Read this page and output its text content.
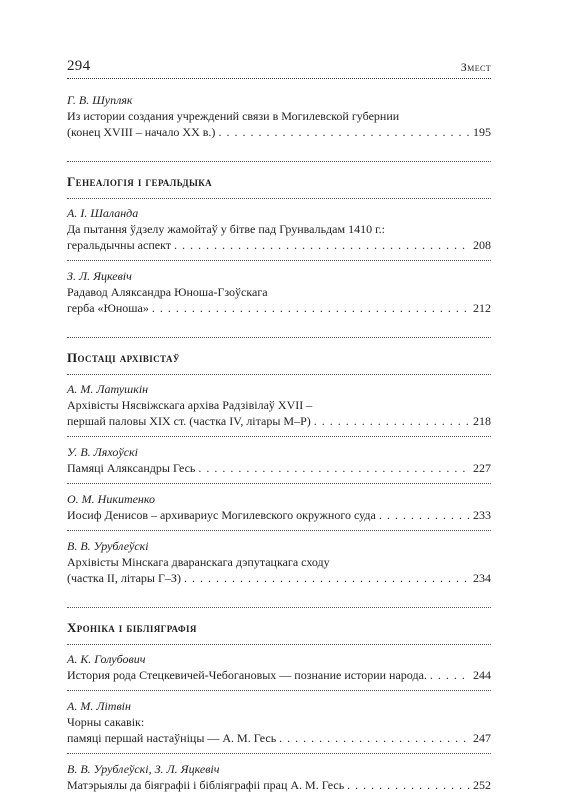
294	Змест

Г. В. Шупляк

Из истории создания учреждений связи в Могилевской губернии

(конец XVIII – начало XX в.) . . .	195
Генеалогія і геральдыка

А. І. Шаланда

Да пытання ўдзелу жамойтаў у бітве пад Грунвальдам 1410 г.:

геральдычны аспект . . .	208

З. Л. Яцкевіч

Радавод Аляксандра Юноша-Гзоўскага

герба «Юноша» . . .	212
Постаці архівістаў

А. М. Латушкін

Архівісты Нясвіжскага архіва Радзівілаў XVII –

першай паловы XIX ст. (частка IV, літары М–Р) . . .	218

У. В. Ляхоўскі

Памяці Аляксандры Гесь . . .	227

О. М. Никитенко

Иосиф Денисов – архивариус Могилевского окружного суда . . .	233

В. В. Урублеўскі

Архівісты Мінскага дваранскага дэпутацкага сходу

(частка II, літары Г–З) . . .	234
Хроніка і бібліяграфія

А. К. Голубович

История рода Стецкевичей-Чебогановых — познание истории народа. . . .	244

А. М. Літвін

Чорны сакавік:

памяці першай настаўніцы — А. М. Гесь . . .	247

В. В. Урублеўскі, З. Л. Яцкевіч

Матэрыялы да біяграфіі і бібліяграфіі прац А. М. Гесь . . .	252
